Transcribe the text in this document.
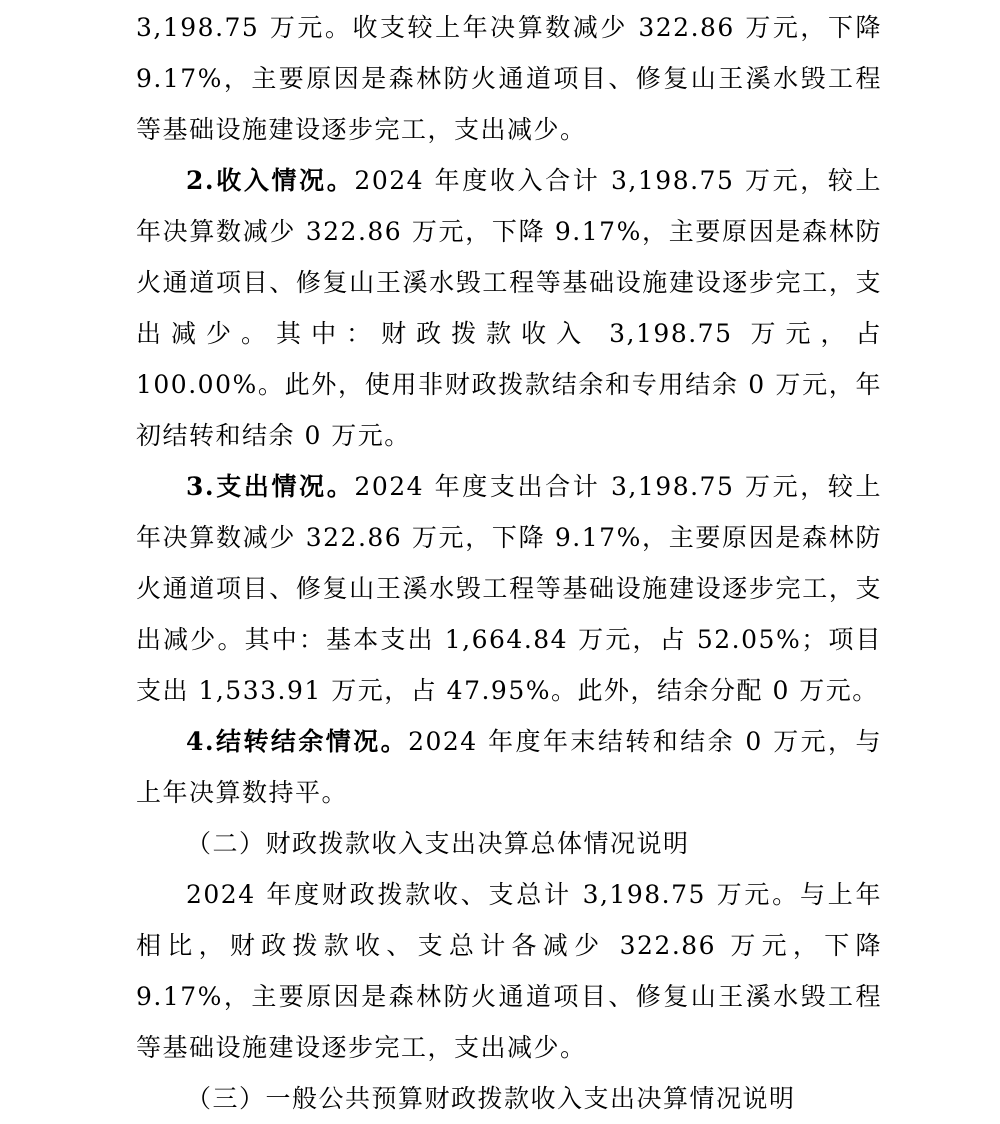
3,198.75 万元。收支较上年决算数减少 322.86 万元，下降 9.17%，主要原因是森林防火通道项目、修复山王溪水毁工程等基础设施建设逐步完工，支出减少。

2.收入情况。2024 年度收入合计 3,198.75 万元，较上年决算数减少 322.86 万元，下降 9.17%，主要原因是森林防火通道项目、修复山王溪水毁工程等基础设施建设逐步完工，支出减少。其中：财政拨款收入 3,198.75 万元，占 100.00%。此外，使用非财政拨款结余和专用结余 0 万元，年初结转和结余 0 万元。

3.支出情况。2024 年度支出合计 3,198.75 万元，较上年决算数减少 322.86 万元，下降 9.17%，主要原因是森林防火通道项目、修复山王溪水毁工程等基础设施建设逐步完工，支出减少。其中：基本支出 1,664.84 万元，占 52.05%；项目支出 1,533.91 万元，占 47.95%。此外，结余分配 0 万元。

4.结转结余情况。2024 年度年末结转和结余 0 万元，与上年决算数持平。

（二）财政拨款收入支出决算总体情况说明

2024 年度财政拨款收、支总计 3,198.75 万元。与上年相比，财政拨款收、支总计各减少 322.86 万元，下降 9.17%，主要原因是森林防火通道项目、修复山王溪水毁工程等基础设施建设逐步完工，支出减少。

（三）一般公共预算财政拨款收入支出决算情况说明
